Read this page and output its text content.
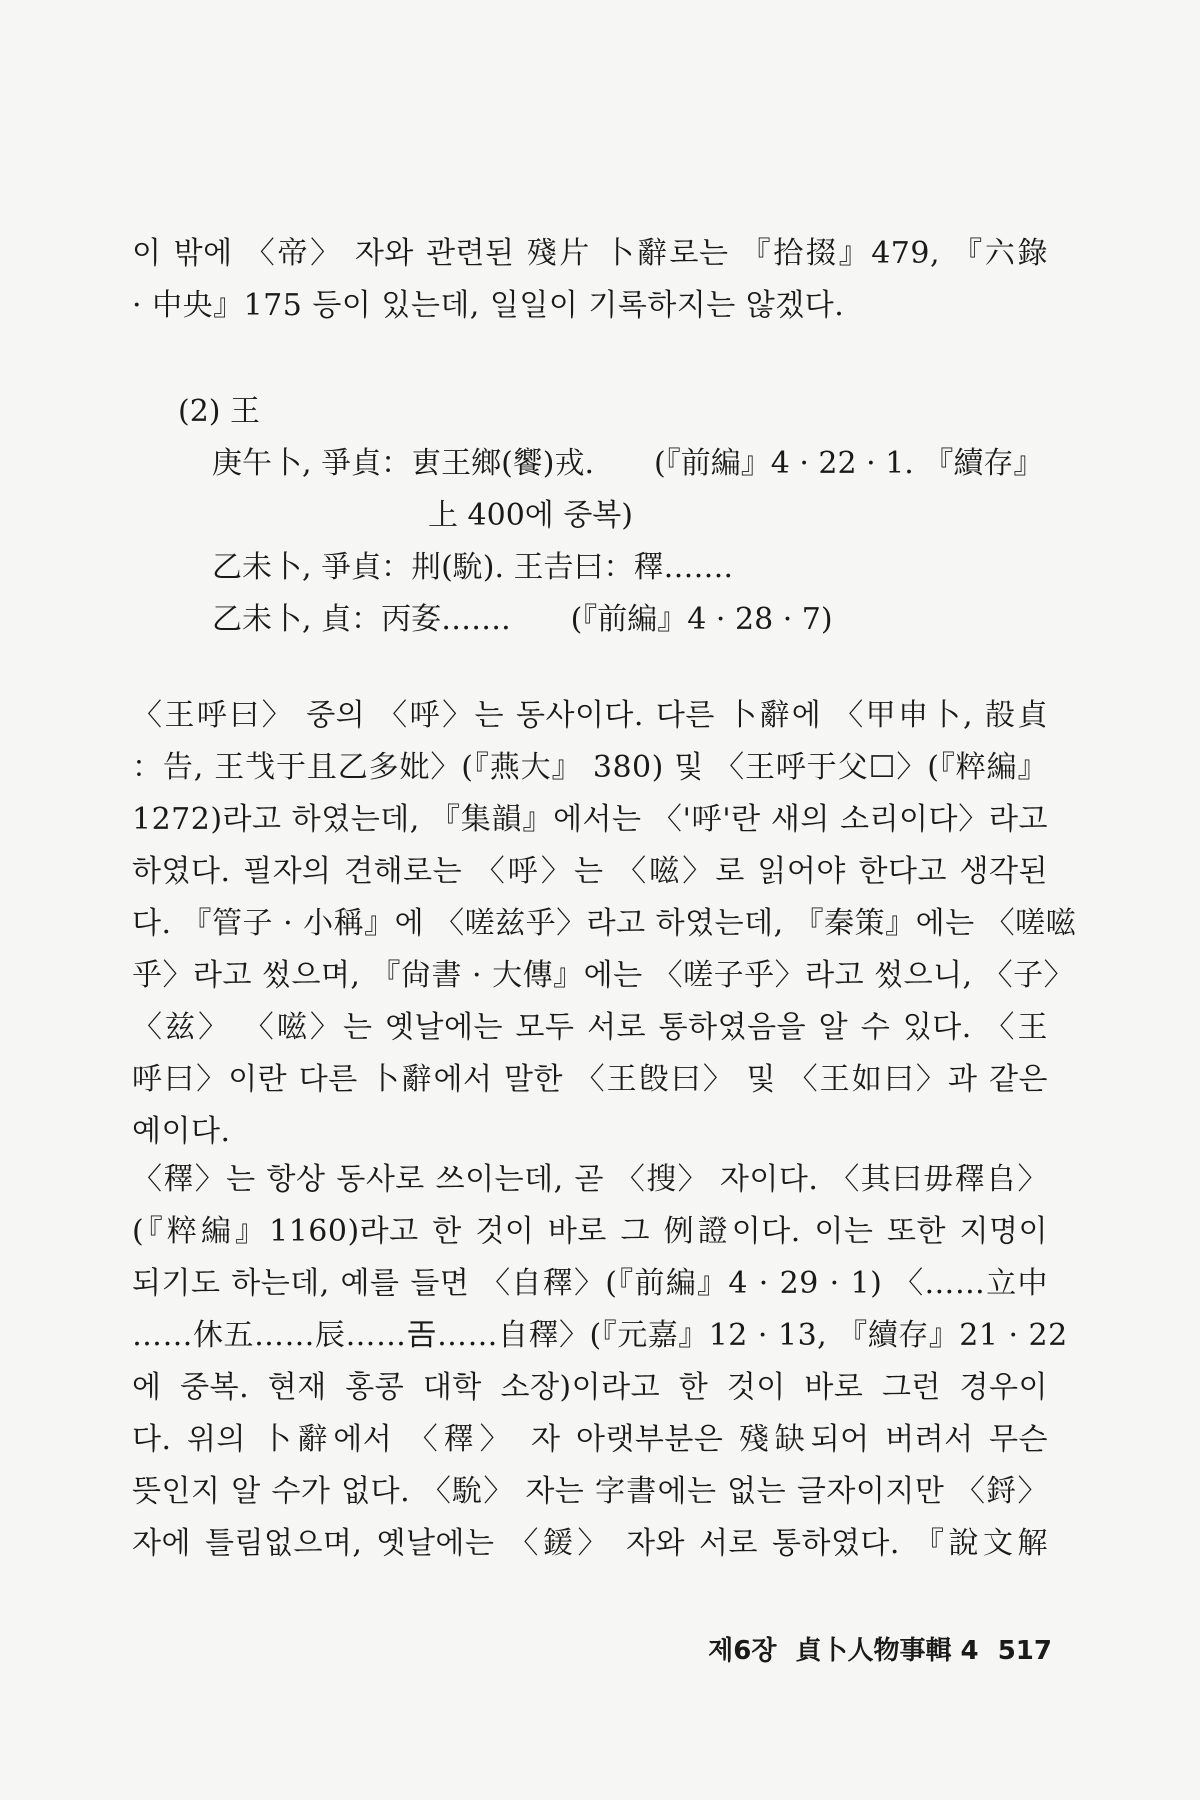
이 밖에 〈帝〉 자와 관련된 殘片 卜辭로는 『拾掇』479, 『六錄
· 中央』175 등이 있는데, 일일이 기록하지는 않겠다.
(2) 王
庚午卜, 爭貞：叀王鄉(饗)戎.　　(『前編』4 · 22 · 1. 『續存』
上 400에 중복)
乙未卜, 爭貞：㓝(馻). 王𠮷曰：䆁…….
乙未卜, 貞：丙㚣…….　　(『前編』4 · 28 · 7)
〈王呼曰〉 중의 〈呼〉는 동사이다. 다른 卜辭에 〈甲申卜, 㱿貞
：告, 王𢦏于且乙多妣〉(『燕大』 380) 및 〈王呼于父☐〉(『粹編』
1272)라고 하였는데, 『集韻』에서는 〈'呼'란 새의 소리이다〉라고
하였다. 필자의 견해로는 〈呼〉는 〈嗞〉로 읽어야 한다고 생각된
다. 『管子 · 小稱』에 〈嗟兹乎〉라고 하였는데, 『秦策』에는 〈嗟嗞
乎〉라고 썼으며, 『尙書 · 大傳』에는 〈嗟子乎〉라고 썼으니, 〈子〉
〈兹〉 〈嗞〉는 옛날에는 모두 서로 통하였음을 알 수 있다. 〈王
呼曰〉이란 다른 卜辭에서 말한 〈王𣪘曰〉 및 〈王如曰〉과 같은
예이다.
〈䆁〉는 항상 동사로 쓰이는데, 곧 〈搜〉 자이다. 〈其曰毋䆁𠂤〉
(『粹編』1160)라고 한 것이 바로 그 例證이다. 이는 또한 지명이
되기도 하는데, 예를 들면 〈自䆁〉(『前編』4 · 29 · 1) 〈……立中
……休五……辰……𢀛……自䆁〉(『元嘉』12 · 13, 『續存』21 · 22
에 중복. 현재 홍콩 대학 소장)이라고 한 것이 바로 그런 경우이
다. 위의 卜辭에서 〈䆁〉 자 아랫부분은 殘缺되어 버려서 무슨
뜻인지 알 수가 없다. 〈馻〉 자는 字書에는 없는 글자이지만 〈鋝〉
자에 틀림없으며, 옛날에는 〈鍰〉 자와 서로 통하였다. 『說文解
제6장 貞卜人物事輯 4 517
